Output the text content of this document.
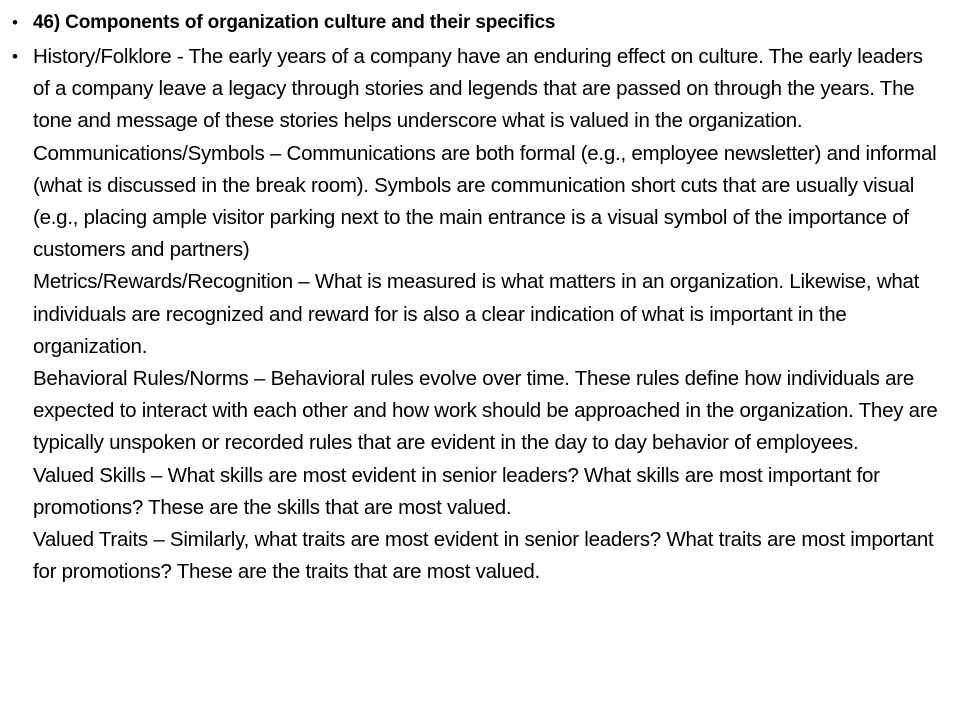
• 46) Components of organization culture and their specifics
• History/Folklore - The early years of a company have an enduring effect on culture. The early leaders of a company leave a legacy through stories and legends that are passed on through the years. The tone and message of these stories helps underscore what is valued in the organization.
Communications/Symbols – Communications are both formal (e.g., employee newsletter) and informal (what is discussed in the break room). Symbols are communication short cuts that are usually visual (e.g., placing ample visitor parking next to the main entrance is a visual symbol of the importance of customers and partners)
Metrics/Rewards/Recognition – What is measured is what matters in an organization. Likewise, what individuals are recognized and reward for is also a clear indication of what is important in the organization.
Behavioral Rules/Norms – Behavioral rules evolve over time. These rules define how individuals are expected to interact with each other and how work should be approached in the organization. They are typically unspoken or recorded rules that are evident in the day to day behavior of employees.
Valued Skills – What skills are most evident in senior leaders? What skills are most important for promotions? These are the skills that are most valued.
Valued Traits – Similarly, what traits are most evident in senior leaders? What traits are most important for promotions? These are the traits that are most valued.
